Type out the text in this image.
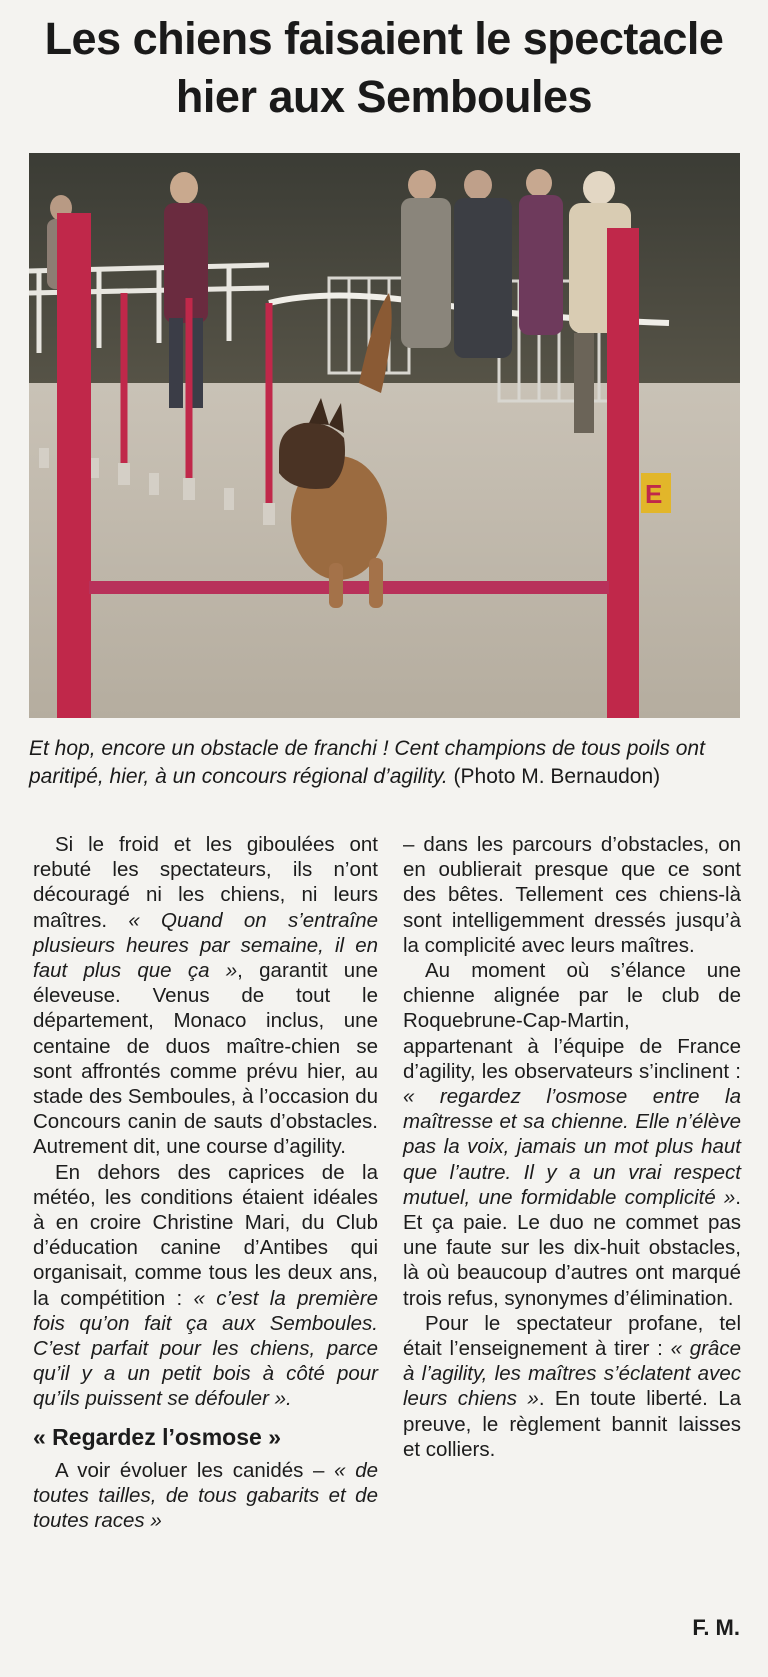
Les chiens faisaient le spectacle
hier aux Semboules
E
Et hop, encore un obstacle de franchi ! Cent champions de tous poils ont paritipé, hier, à un concours régional d’agility. (Photo M. Bernaudon)

Si le froid et les giboulées ont rebuté les spectateurs, ils n’ont découragé ni les chiens, ni leurs maîtres. « Quand on s’entraîne plusieurs heures par semaine, il en faut plus que ça », garantit une éleveuse. Venus de tout le département, Monaco inclus, une centaine de duos maître-chien se sont affrontés comme prévu hier, au stade des Semboules, à l’occasion du Concours canin de sauts d’obstacles. Autrement dit, une course d’agility.

En dehors des caprices de la météo, les conditions étaient idéales à en croire Christine Mari, du Club d’éducation canine d’Antibes qui organisait, comme tous les deux ans, la compétition : « c’est la première fois qu’on fait ça aux Semboules. C’est parfait pour les chiens, parce qu’il y a un petit bois à côté pour qu’ils puissent se défouler ».

« Regardez l’osmose »

A voir évoluer les canidés – « de toutes tailles, de tous gabarits et de toutes races »

– dans les parcours d’obstacles, on en oublierait presque que ce sont des bêtes. Tellement ces chiens-là sont intelligemment dressés jusqu’à la complicité avec leurs maîtres.

Au moment où s’élance une chienne alignée par le club de Roquebrune-Cap-Martin, appartenant à l’équipe de France d’agility, les observateurs s’inclinent : « regardez l’osmose entre la maîtresse et sa chienne. Elle n’élève pas la voix, jamais un mot plus haut que l’autre. Il y a un vrai respect mutuel, une formidable complicité ». Et ça paie. Le duo ne commet pas une faute sur les dix-huit obstacles, là où beaucoup d’autres ont marqué trois refus, synonymes d’élimination.

Pour le spectateur profane, tel était l’enseignement à tirer : « grâce à l’agility, les maîtres s’éclatent avec leurs chiens ». En toute liberté. La preuve, le règlement bannit laisses et colliers.

F. M.
